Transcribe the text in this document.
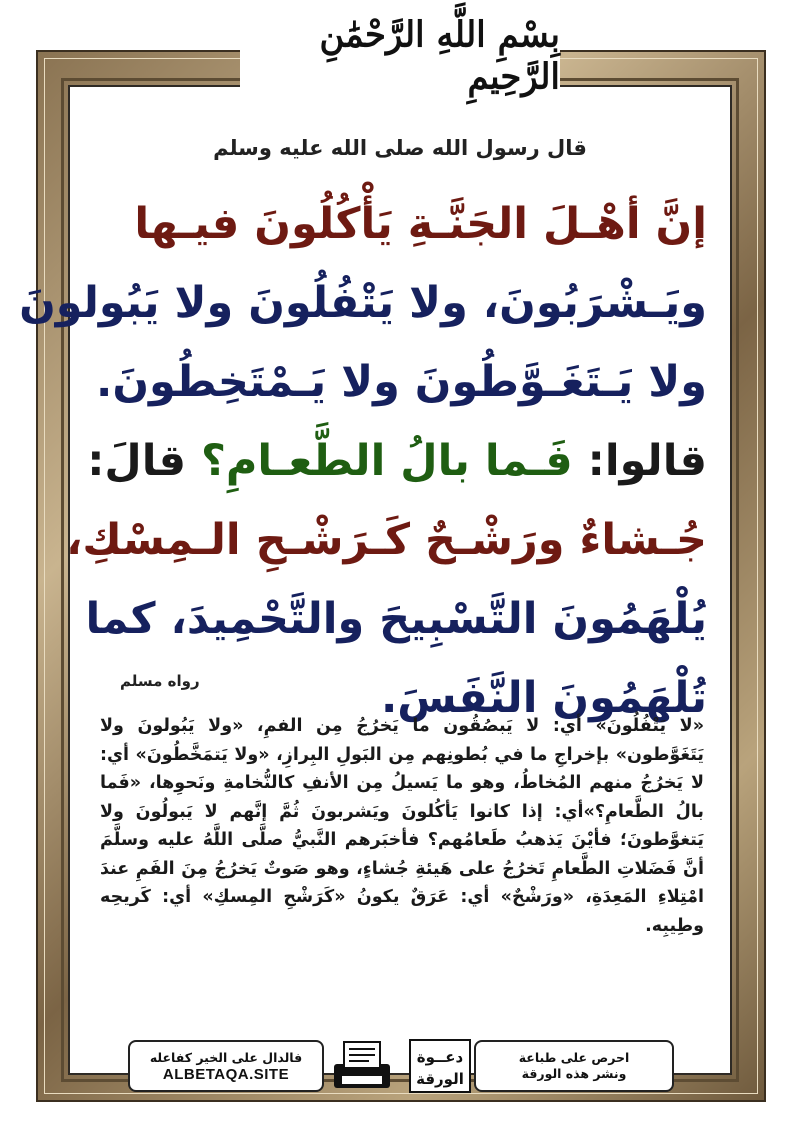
بِسْمِ اللَّهِ الرَّحْمَٰنِ الرَّحِيمِ
قال رسول الله صلى الله عليه وسلم
إنَّ أهْـلَ الجَنَّـةِ يَأْكُلُونَ فيـها
ويَـشْرَبُونَ، ولا يَتْفُلُونَ ولا يَبُولونَ
ولا يَـتَغَـوَّطُونَ ولا يَـمْتَخِطُونَ.
قالوا: فَـما بالُ الطَّعـامِ؟ قالَ:
جُـشاءٌ ورَشْـحٌ كَـرَشْـحِ الـمِسْكِ،
يُلْهَمُونَ التَّسْبِيحَ والتَّحْمِيدَ، كما
تُلْهَمُونَ النَّفَسَ.
رواه مسلم
«لا يَتْفُلُونَ» أي: لا يَبصُقُون ما يَخرُجُ مِن الفمِ، «ولا يَبُولونَ ولا يَتَغَوَّطون» بإخراجِ ما في بُطونِهم مِن البَولِ البِرازِ، «ولا يَتمَخَّطُونَ» أي: لا يَخرُجُ منهم المُخاطُ، وهو ما يَسيلُ مِن الأنفِ كالنُّخامةِ ونَحوِها، «فَما بالُ الطَّعامِ؟»أي: إذا كانوا يَأكُلونَ ويَشربونَ ثُمَّ إنَّهم لا يَبولُونَ ولا يَتغوَّطونَ؛ فأيْنَ يَذهبُ طَعامُهم؟ فأخبَرهم النَّبيُّ صلَّى اللَّهُ عليه وسلَّمَ أنَّ فَضَلاتِ الطَّعامِ تَخرُجُ على هَيئةِ جُشاءٍ، وهو صَوتٌ يَخرُجُ مِنَ الفَمِ عندَ امْتِلاءِ المَعِدَةِ، «ورَشْحٌ» أي: عَرَقٌ يكونُ «كَرَشْحِ المِسكِ» أي: كَريحِه وطِيبِه.
فالدال على الخير كفاعله
ALBETAQA.SITE
دعــوة
الورقة
احرص على طباعة
ونشر هذه الورقة
